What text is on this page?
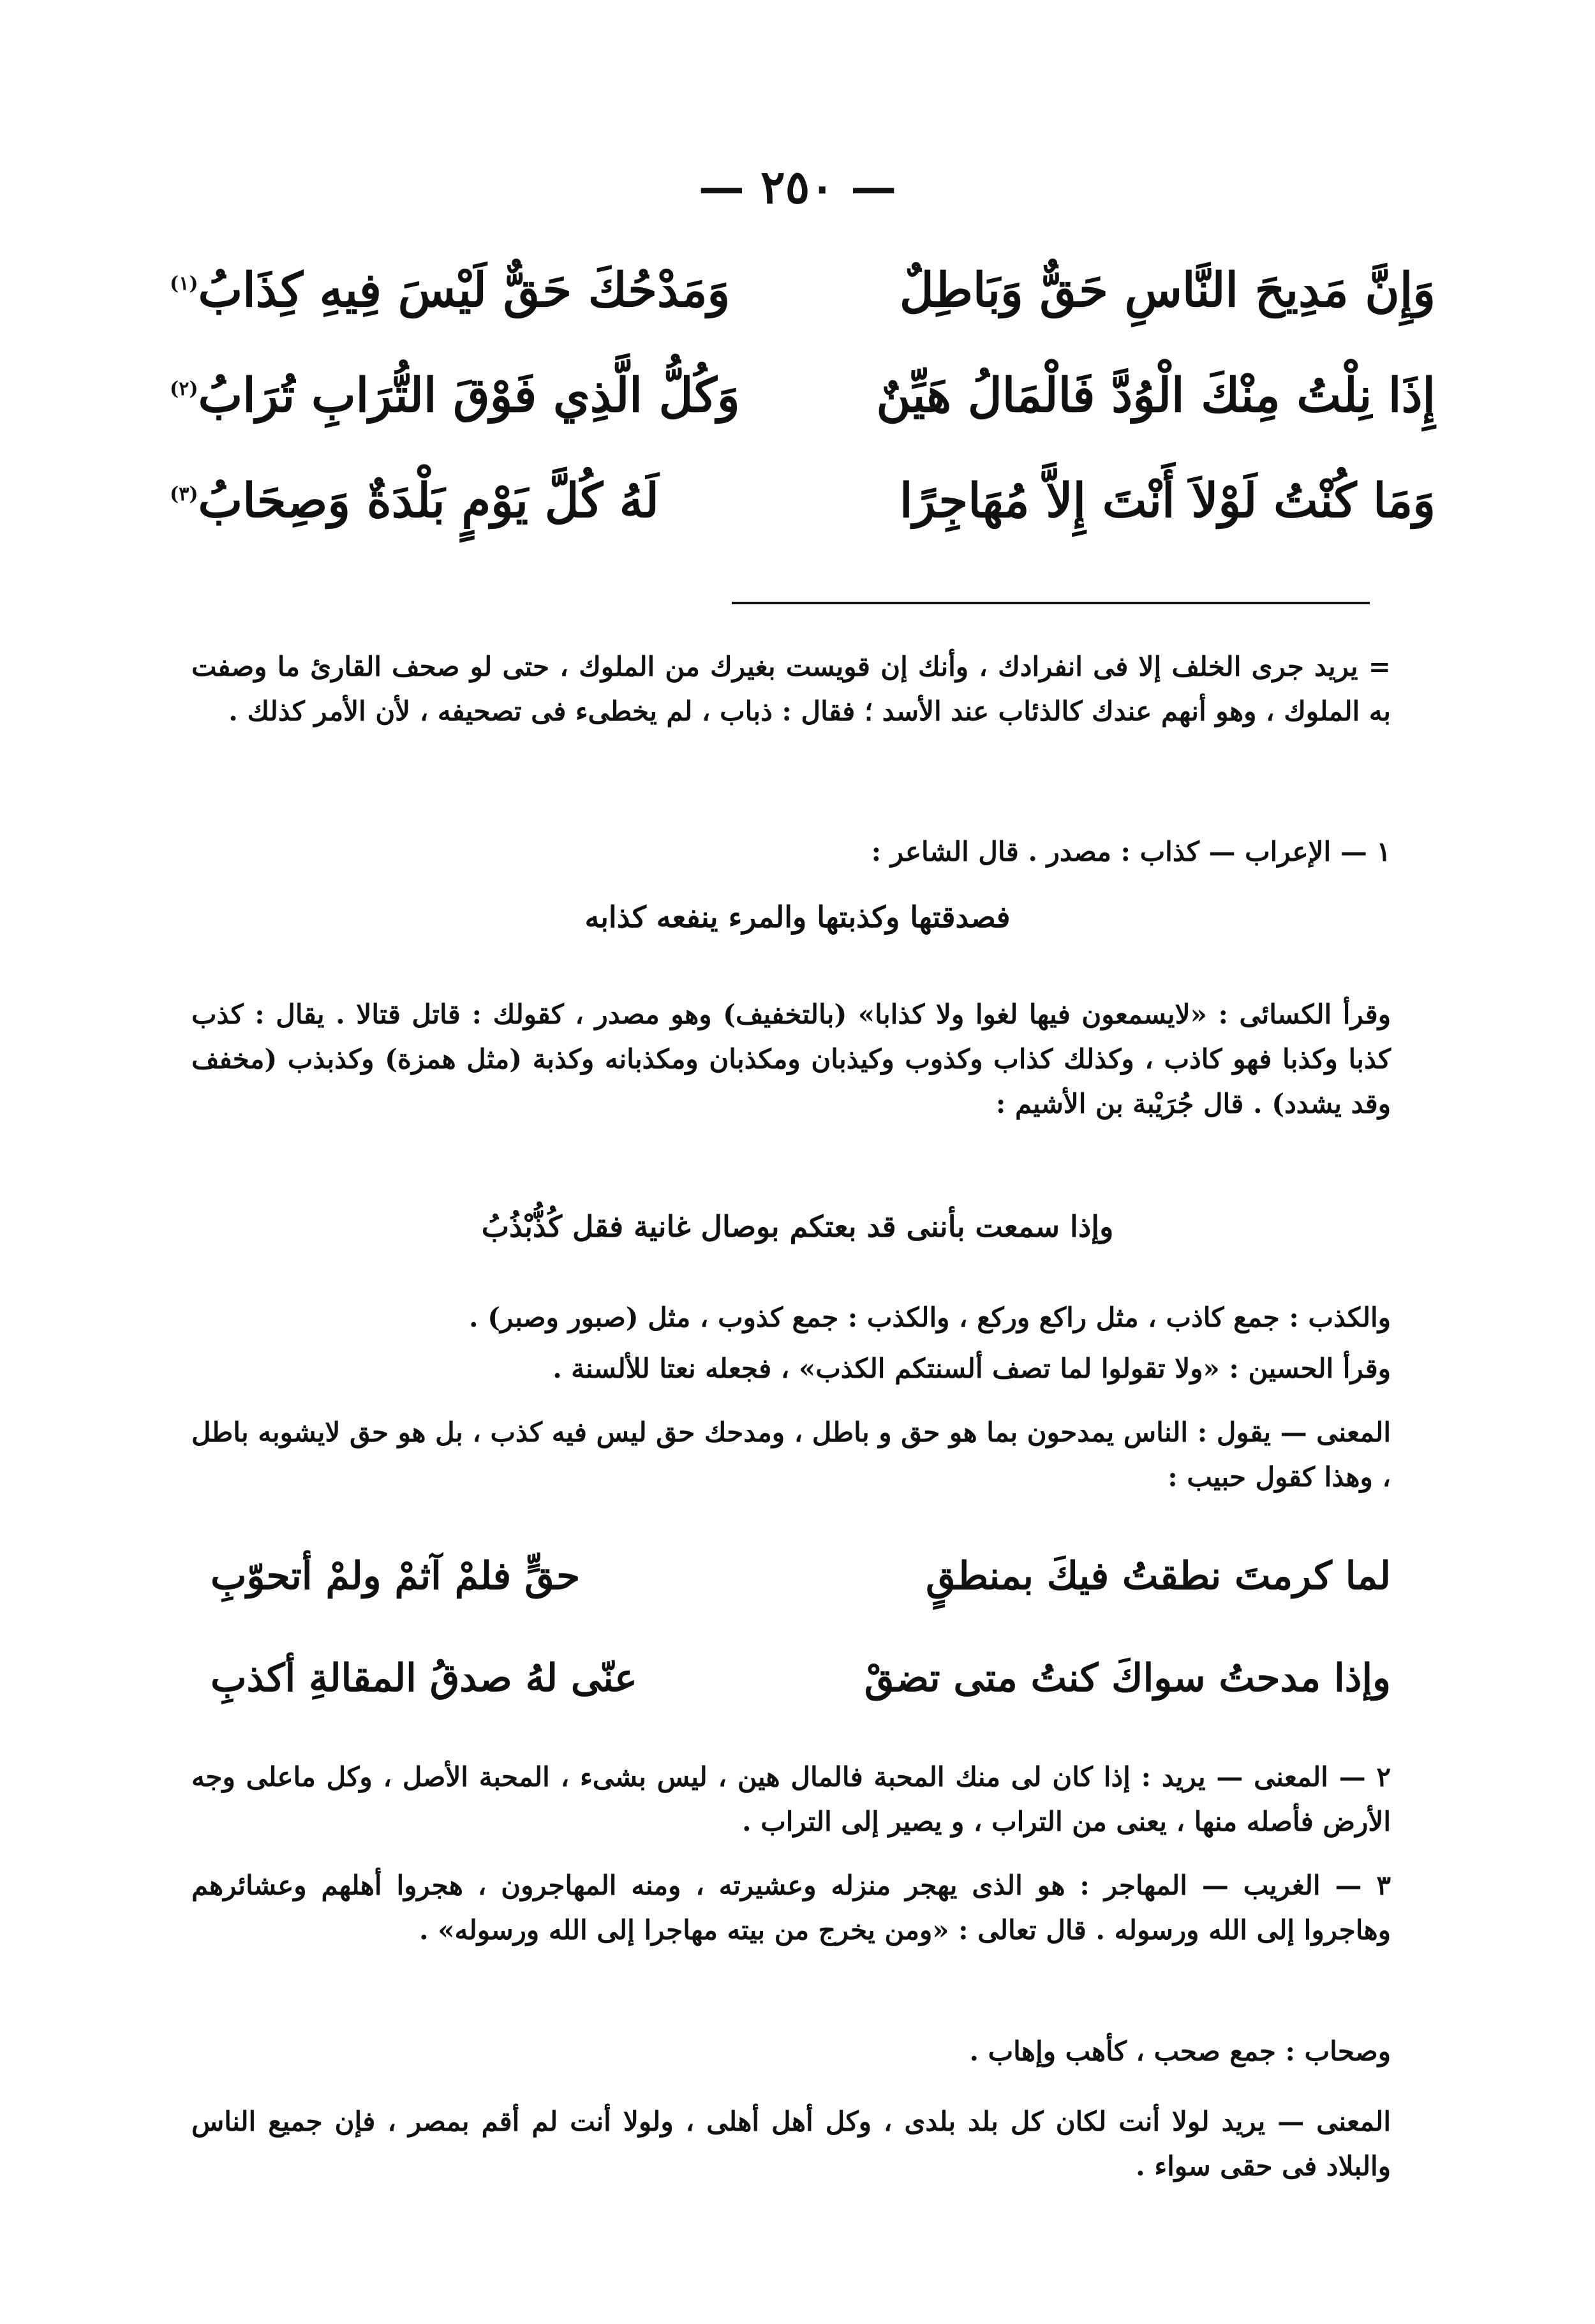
— ٢٥٠ —
وَإِنَّ مَدِيحَ النَّاسِ حَقٌّ وَبَاطِلٌ
وَمَدْحُكَ حَقٌّ لَيْسَ فِيهِ كِذَابُ$^{(١)}$
إِذَا نِلْتُ مِنْكَ الْوُدَّ فَالْمَالُ هَيِّنٌ
وَكُلُّ الَّذِي فَوْقَ التُّرَابِ تُرَابُ$^{(٢)}$
وَمَا كُنْتُ لَوْلاَ أَنْتَ إِلاَّ مُهَاجِرًا
لَهُ كُلَّ يَوْمٍ بَلْدَةٌ وَصِحَابُ$^{(٣)}$
= يريد جرى الخلف إلا فى انفرادك ، وأنك إن قويست بغيرك من الملوك ، حتى لو صحف القارئ ما وصفت به الملوك ، وهو أنهم عندك كالذئاب عند الأسد ؛ فقال : ذباب ، لم يخطىء فى تصحيفه ، لأن الأمر كذلك .
١ — الإعراب — كذاب : مصدر . قال الشاعر :
فصدقتها وكذبتها والمرء ينفعه كذابه
وقرأ الكسائى : «لايسمعون فيها لغوا ولا كذابا» (بالتخفيف) وهو مصدر ، كقولك : قاتل قتالا . يقال : كذب كذبا وكذبا فهو كاذب ، وكذلك كذاب وكذوب وكيذبان ومكذبان ومكذبانه وكذبة (مثل همزة) وكذبذب (مخفف وقد يشدد) . قال جُرَيْبة بن الأشيم :
وإذا سمعت بأننى قد بعتكم بوصال غانية فقل كُذُّبْذُبُ
والكذب : جمع كاذب ، مثل راكع وركع ، والكذب : جمع كذوب ، مثل (صبور وصبر) .
وقرأ الحسين : «ولا تقولوا لما تصف ألسنتكم الكذب» ، فجعله نعتا للألسنة .
المعنى — يقول : الناس يمدحون بما هو حق و باطل ، ومدحك حق ليس فيه كذب ، بل هو حق لايشوبه باطل ، وهذا كقول حبيب :
لما كرمتَ نطقتُ فيكَ بمنطقٍ
حقٍّ فلمْ آثمْ ولمْ أتحوّبِ
وإذا مدحتُ سواكَ كنتُ متى تضقْ
عنّى لهُ صدقُ المقالةِ أكذبِ
٢ — المعنى — يريد : إذا كان لى منك المحبة فالمال هين ، ليس بشىء ، المحبة الأصل ، وكل ماعلى وجه الأرض فأصله منها ، يعنى من التراب ، و يصير إلى التراب .
٣ — الغريب — المهاجر : هو الذى يهجر منزله وعشيرته ، ومنه المهاجرون ، هجروا أهلهم وعشائرهم وهاجروا إلى الله ورسوله . قال تعالى : «ومن يخرج من بيته مهاجرا إلى الله ورسوله» .
وصحاب : جمع صحب ، كأهب وإهاب .
المعنى — يريد لولا أنت لكان كل بلد بلدى ، وكل أهل أهلى ، ولولا أنت لم أقم بمصر ، فإن جميع الناس والبلاد فى حقى سواء .
